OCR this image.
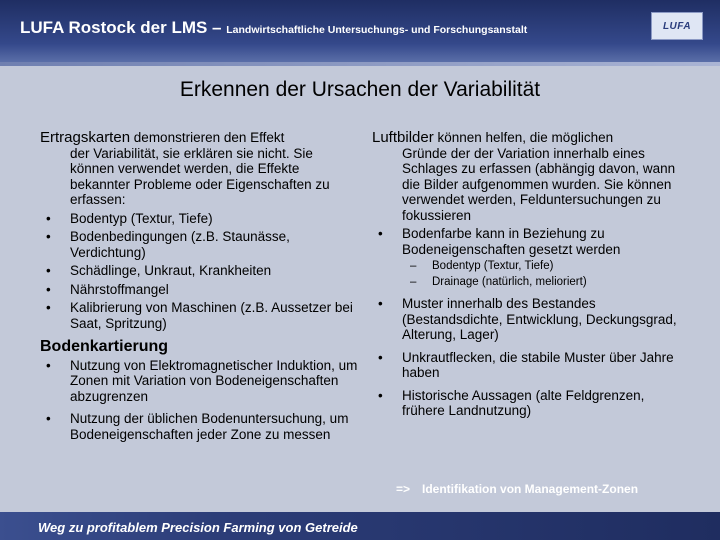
LUFA Rostock der LMS – Landwirtschaftliche Untersuchungs- und Forschungsanstalt	LUFA
Erkennen der Ursachen der Variabilität
Ertragskarten demonstrieren den Effekt
der Variabilität, sie erklären sie nicht. Sie können verwendet werden, die Effekte bekannter Probleme oder Eigenschaften zu erfassen:
• Bodentyp (Textur, Tiefe)
• Bodenbedingungen (z.B. Staunässe, Verdichtung)
• Schädlinge, Unkraut, Krankheiten
• Nährstoffmangel
• Kalibrierung von Maschinen (z.B. Aussetzer bei Saat, Spritzung)
Bodenkartierung
• Nutzung von Elektromagnetischer Induktion, um Zonen mit Variation von Bodeneigenschaften abzugrenzen
• Nutzung der üblichen Bodenuntersuchung, um Bodeneigenschaften jeder Zone zu messen
Luftbilder können helfen, die möglichen
Gründe der der Variation innerhalb eines Schlages zu erfassen (abhängig davon, wann die Bilder aufgenommen wurden. Sie können verwendet werden, Felduntersuchungen zu fokussieren
• Bodenfarbe kann in Beziehung zu Bodeneigenschaften gesetzt werden
– Bodentyp (Textur, Tiefe)
– Drainage (natürlich, melioriert)
• Muster innerhalb des Bestandes (Bestandsdichte, Entwicklung, Deckungsgrad, Alterung, Lager)
• Unkrautflecken, die stabile Muster über Jahre haben
• Historische Aussagen (alte Feldgrenzen, frühere Landnutzung)
=> Identifikation von Management-Zonen
Weg zu profitablem Precision Farming von Getreide
